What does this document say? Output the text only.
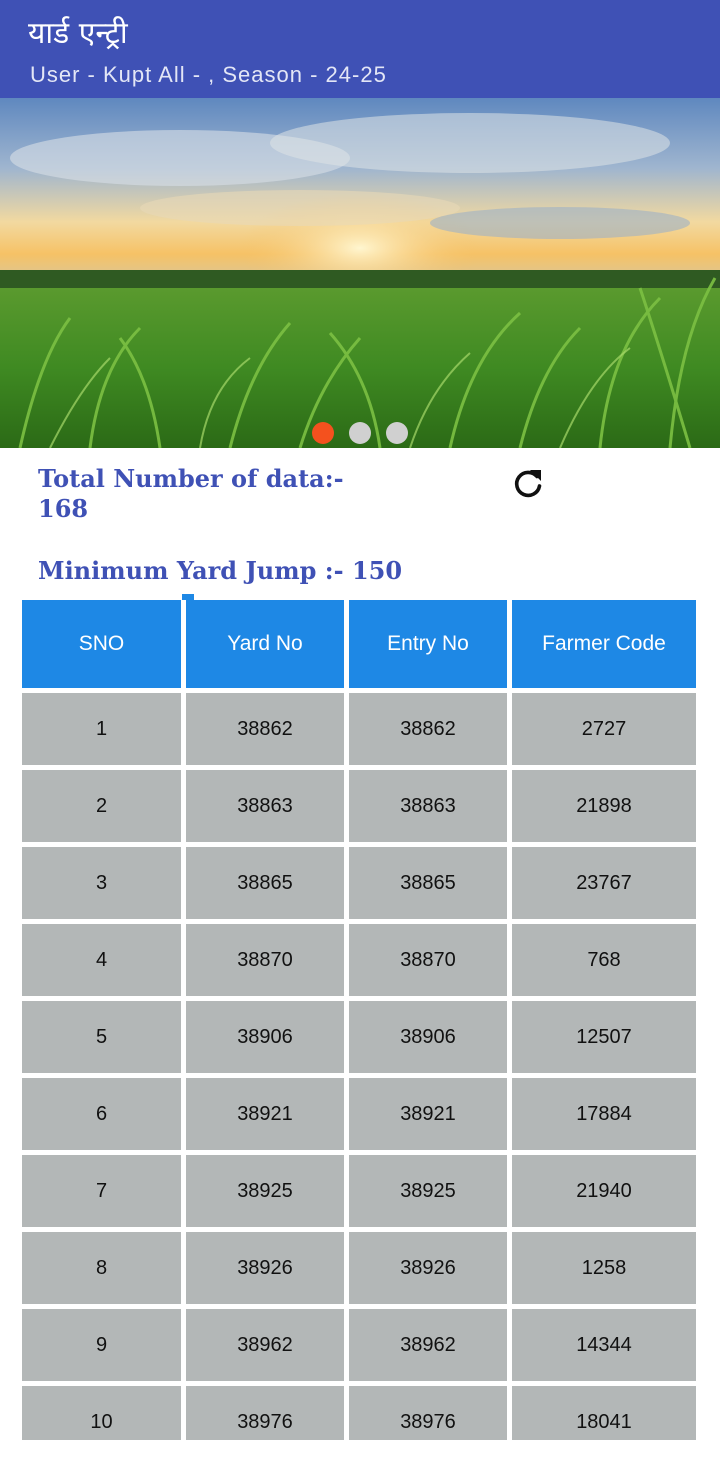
यार्ड एन्ट्री
User - Kupt All - , Season - 24-25
Total Number of data:-
168
Minimum Yard Jump :- 150
SNO	Yard No	Entry No	Farmer Code
1	38862	38862	2727
2	38863	38863	21898
3	38865	38865	23767
4	38870	38870	768
5	38906	38906	12507
6	38921	38921	17884
7	38925	38925	21940
8	38926	38926	1258
9	38962	38962	14344
10	38976	38976	18041
